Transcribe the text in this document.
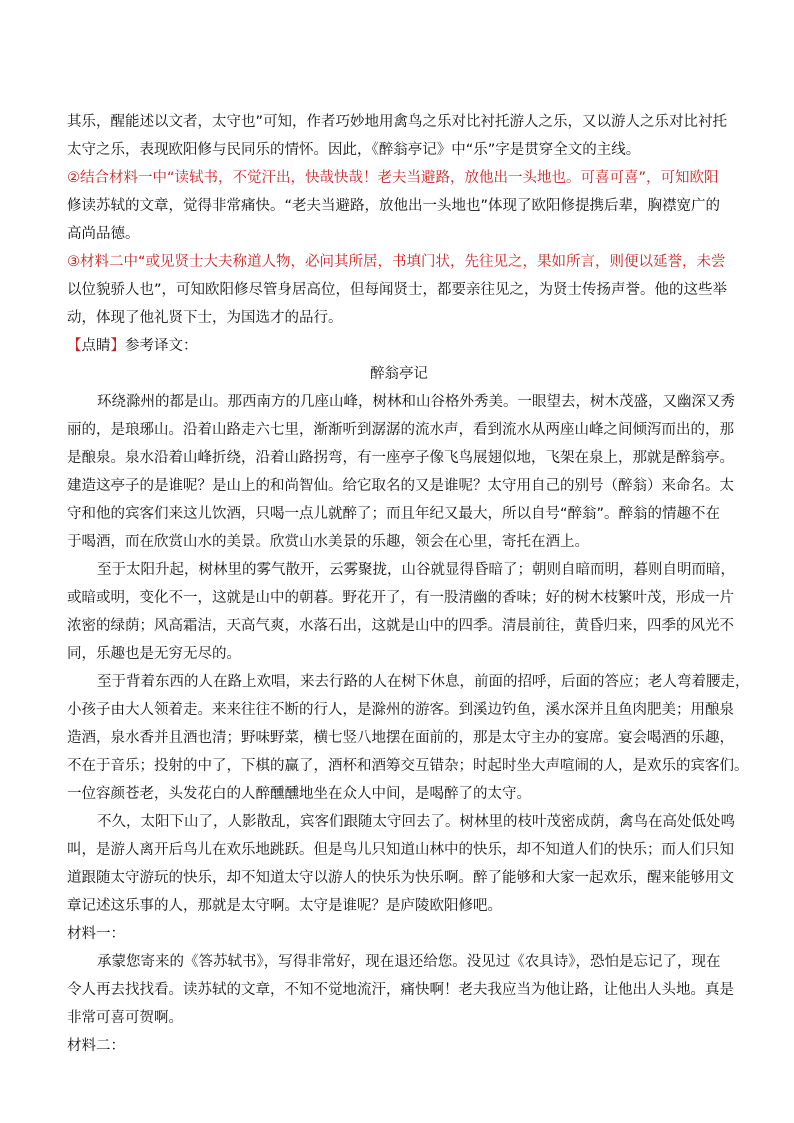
其乐，醒能述以文者，太守也”可知，作者巧妙地用禽鸟之乐对比衬托游人之乐，又以游人之乐对比衬托
太守之乐，表现欧阳修与民同乐的情怀。因此，《醉翁亭记》中“乐”字是贯穿全文的主线。
②结合材料一中“读轼书，不觉汗出，快哉快哉！老夫当避路，放他出一头地也。可喜可喜”，可知欧阳
修读苏轼的文章，觉得非常痛快。“老夫当避路，放他出一头地也”体现了欧阳修提携后辈，胸襟宽广的
高尚品德。
③材料二中“或见贤士大夫称道人物，必问其所居，书填门状，先往见之，果如所言，则便以延誉，未尝
以位貌骄人也”，可知欧阳修尽管身居高位，但每闻贤士，都要亲往见之，为贤士传扬声誉。他的这些举
动，体现了他礼贤下士，为国选才的品行。
【点睛】参考译文：
醉翁亭记
环绕滁州的都是山。那西南方的几座山峰，树林和山谷格外秀美。一眼望去，树木茂盛，又幽深又秀
丽的，是琅琊山。沿着山路走六七里，渐渐听到潺潺的流水声，看到流水从两座山峰之间倾泻而出的，那
是酿泉。泉水沿着山峰折绕，沿着山路拐弯，有一座亭子像飞鸟展翅似地，飞架在泉上，那就是醉翁亭。
建造这亭子的是谁呢？是山上的和尚智仙。给它取名的又是谁呢？太守用自己的别号（醉翁）来命名。太
守和他的宾客们来这儿饮酒，只喝一点儿就醉了；而且年纪又最大，所以自号“醉翁”。醉翁的情趣不在
于喝酒，而在欣赏山水的美景。欣赏山水美景的乐趣，领会在心里，寄托在酒上。
至于太阳升起，树林里的雾气散开，云雾聚拢，山谷就显得昏暗了；朝则自暗而明，暮则自明而暗，
或暗或明，变化不一，这就是山中的朝暮。野花开了，有一股清幽的香味；好的树木枝繁叶茂，形成一片
浓密的绿荫；风高霜洁，天高气爽，水落石出，这就是山中的四季。清晨前往，黄昏归来，四季的风光不
同，乐趣也是无穷无尽的。
至于背着东西的人在路上欢唱，来去行路的人在树下休息，前面的招呼，后面的答应；老人弯着腰走，
小孩子由大人领着走。来来往往不断的行人，是滁州的游客。到溪边钓鱼，溪水深并且鱼肉肥美；用酿泉
造酒，泉水香并且酒也清；野味野菜，横七竖八地摆在面前的，那是太守主办的宴席。宴会喝酒的乐趣，
不在于音乐；投射的中了，下棋的赢了，酒杯和酒筹交互错杂；时起时坐大声喧闹的人，是欢乐的宾客们。
一位容颜苍老，头发花白的人醉醺醺地坐在众人中间，是喝醉了的太守。
不久，太阳下山了，人影散乱，宾客们跟随太守回去了。树林里的枝叶茂密成荫，禽鸟在高处低处鸣
叫，是游人离开后鸟儿在欢乐地跳跃。但是鸟儿只知道山林中的快乐，却不知道人们的快乐；而人们只知
道跟随太守游玩的快乐，却不知道太守以游人的快乐为快乐啊。醉了能够和大家一起欢乐，醒来能够用文
章记述这乐事的人，那就是太守啊。太守是谁呢？是庐陵欧阳修吧。
材料一：
承蒙您寄来的《答苏轼书》，写得非常好，现在退还给您。没见过《农具诗》，恐怕是忘记了，现在
令人再去找找看。读苏轼的文章，不知不觉地流汗，痛快啊！老夫我应当为他让路，让他出人头地。真是
非常可喜可贺啊。
材料二：
